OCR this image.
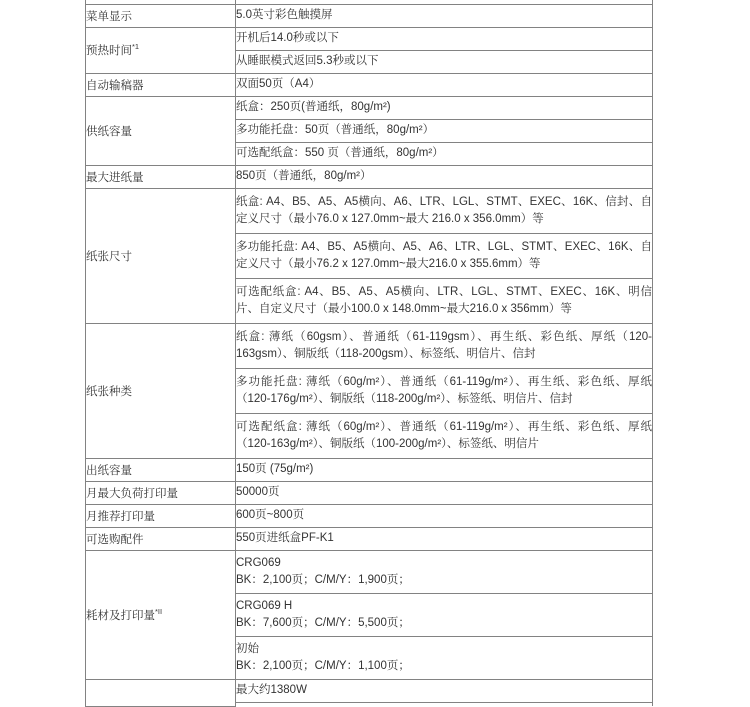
菜单显示	5.0英寸彩色触摸屏

预热时间$^{*1}$	开机后14.0秒或以下

	从睡眠模式返回5.3秒或以下

自动输稿器	双面50页（A4）

供纸容量	纸盒：250页(普通纸，80g/m²)

	多功能托盘：50页（普通纸，80g/m²）

	可选配纸盒：550 页（普通纸，80g/m²）

最大进纸量	850页（普通纸，80g/m²）

纸张尺寸	纸盒: A4、B5、A5、A5横向、A6、LTR、LGL、STMT、EXEC、16K、信封、自定义尺寸（最小76.0 x 127.0mm~最大 216.0 x 356.0mm）等

	多功能托盘: A4、B5、A5横向、A5、A6、LTR、LGL、STMT、EXEC、16K、自定义尺寸（最小76.2 x 127.0mm~最大216.0 x 355.6mm）等

	可选配纸盒: A4、B5、A5、A5横向、LTR、LGL、STMT、EXEC、16K、明信片、自定义尺寸（最小100.0 x 148.0mm~最大216.0 x 356mm）等

纸张种类	纸盒: 薄纸（60gsm）、普通纸（61-119gsm）、再生纸、彩色纸、厚纸（120-163gsm）、铜版纸（118-200gsm）、标签纸、明信片、信封

	多功能托盘: 薄纸（60g/m²）、普通纸（61-119g/m²）、再生纸、彩色纸、厚纸（120-176g/m²）、铜版纸（118-200g/m²）、标签纸、明信片、信封

	可选配纸盒: 薄纸（60g/m²）、普通纸（61-119g/m²）、再生纸、彩色纸、厚纸（120-163g/m²）、铜版纸（100-200g/m²）、标签纸、明信片

出纸容量	150页 (75g/m²)

月最大负荷打印量	50000页

月推荐打印量	600页~800页

可选购配件	550页进纸盒PF-K1

耗材及打印量$^{*II}$	CRG069
BK：2,100页；C/M/Y：1,900页；

	CRG069 H
BK：7,600页；C/M/Y：5,500页；

	初始
BK：2,100页；C/M/Y：1,100页；

	最大约1380W
